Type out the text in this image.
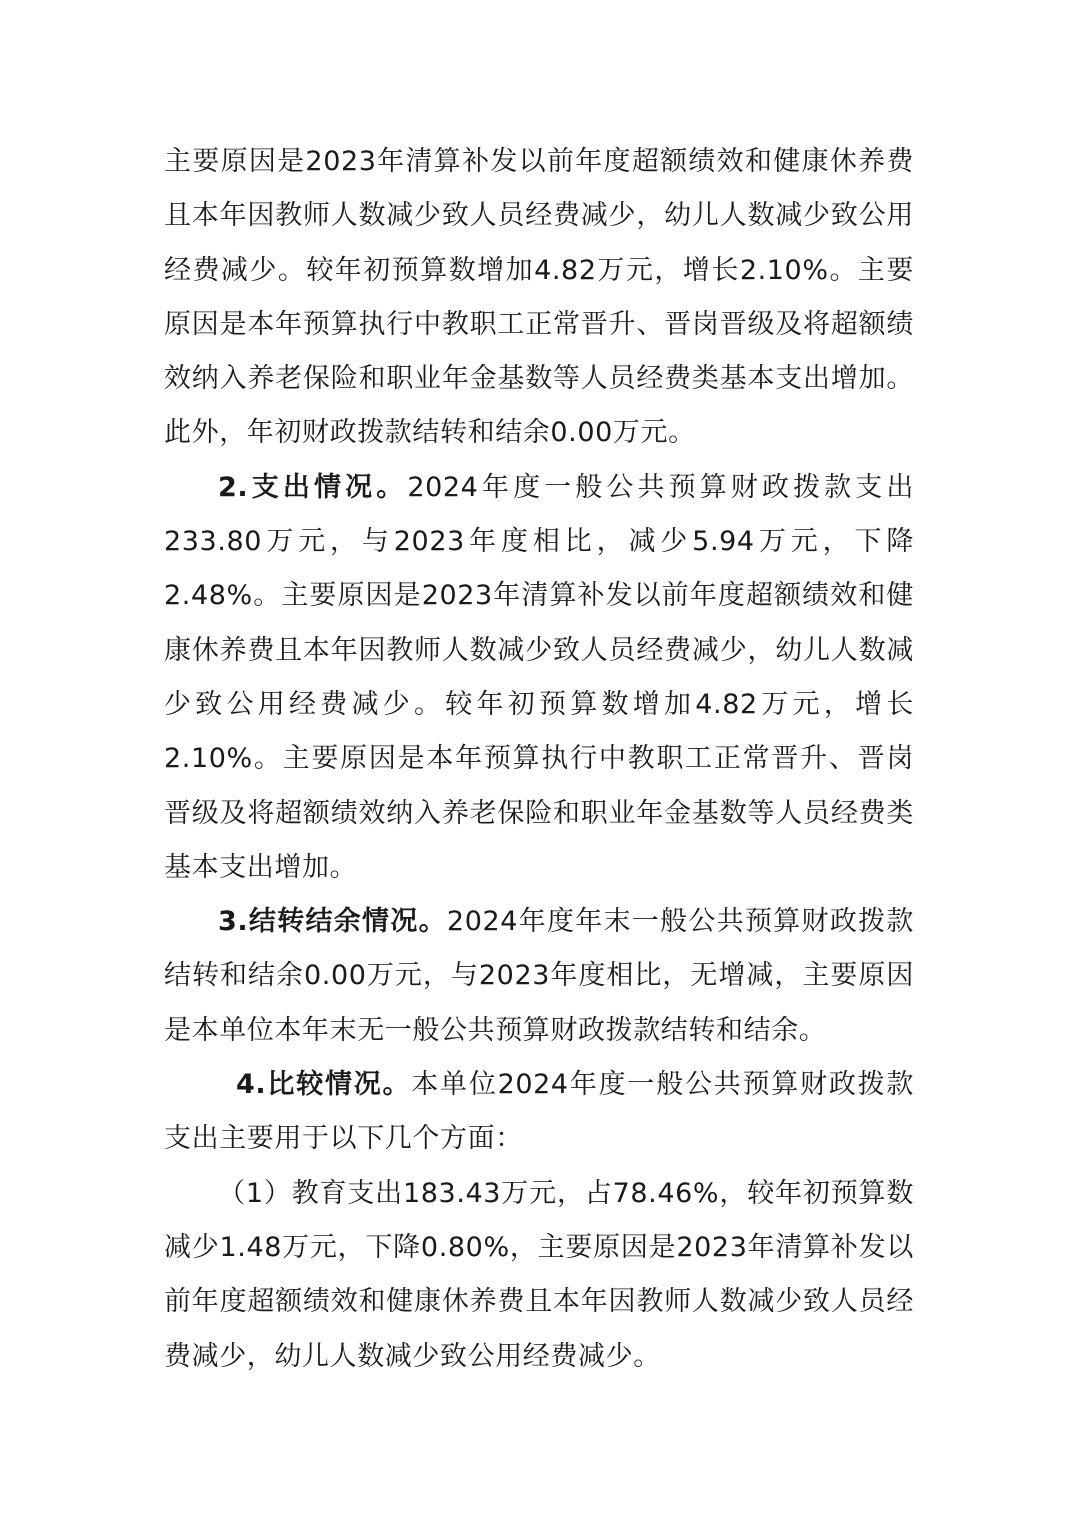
主要原因是2023年清算补发以前年度超额绩效和健康休养费且本年因教师人数减少致人员经费减少，幼儿人数减少致公用经费减少。较年初预算数增加4.82万元，增长2.10%。主要原因是本年预算执行中教职工正常晋升、晋岗晋级及将超额绩效纳入养老保险和职业年金基数等人员经费类基本支出增加。此外，年初财政拨款结转和结余0.00万元。

2.支出情况。2024年度一般公共预算财政拨款支出233.80万元，与2023年度相比，减少5.94万元，下降2.48%。主要原因是2023年清算补发以前年度超额绩效和健康休养费且本年因教师人数减少致人员经费减少，幼儿人数减少致公用经费减少。较年初预算数增加4.82万元，增长2.10%。主要原因是本年预算执行中教职工正常晋升、晋岗晋级及将超额绩效纳入养老保险和职业年金基数等人员经费类基本支出增加。

3.结转结余情况。2024年度年末一般公共预算财政拨款结转和结余0.00万元，与2023年度相比，无增减，主要原因是本单位本年末无一般公共预算财政拨款结转和结余。

4.比较情况。本单位2024年度一般公共预算财政拨款支出主要用于以下几个方面：

（1）教育支出183.43万元，占78.46%，较年初预算数减少1.48万元，下降0.80%，主要原因是2023年清算补发以前年度超额绩效和健康休养费且本年因教师人数减少致人员经费减少，幼儿人数减少致公用经费减少。
